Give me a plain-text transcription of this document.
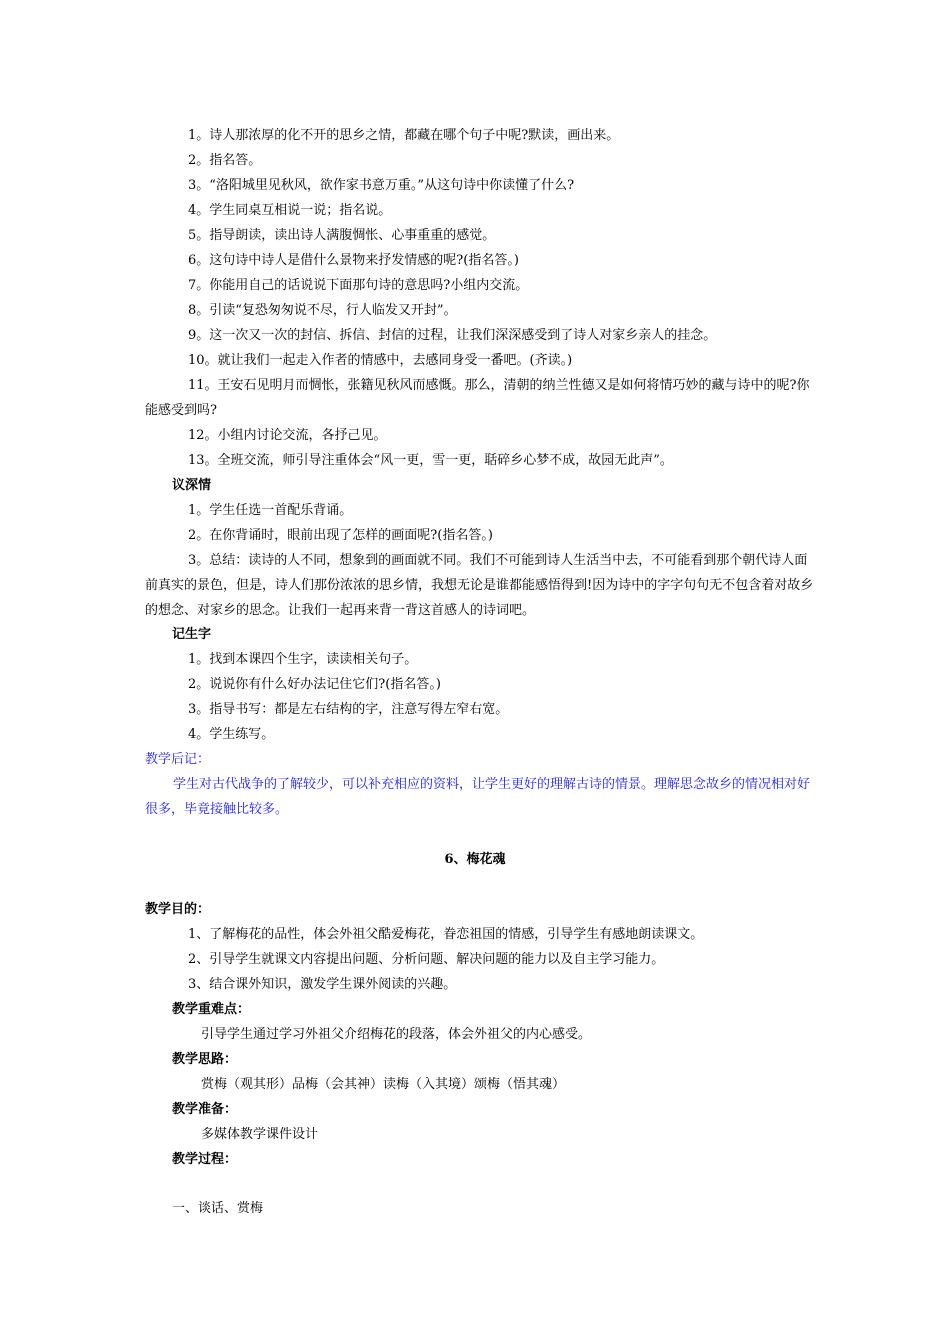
1。诗人那浓厚的化不开的思乡之情，都藏在哪个句子中呢?默读，画出来。
2。指名答。
3。“洛阳城里见秋风，欲作家书意万重。”从这句诗中你读懂了什么?
4。学生同桌互相说一说；指名说。
5。指导朗读，读出诗人满腹惆怅、心事重重的感觉。
6。这句诗中诗人是借什么景物来抒发情感的呢?(指名答。)
7。你能用自己的话说说下面那句诗的意思吗?小组内交流。
8。引读“复恐匆匆说不尽，行人临发又开封”。
9。这一次又一次的封信、拆信、封信的过程，让我们深深感受到了诗人对家乡亲人的挂念。
10。就让我们一起走入作者的情感中，去感同身受一番吧。(齐读。)
11。王安石见明月而惆怅，张籍见秋风而感慨。那么，清朝的纳兰性德又是如何将情巧妙的藏与诗中的呢?你能感受到吗?
12。小组内讨论交流，各抒己见。
13。全班交流，师引导注重体会“风一更，雪一更，聒碎乡心梦不成，故园无此声”。
议深情
1。学生任选一首配乐背诵。
2。在你背诵时，眼前出现了怎样的画面呢?(指名答。)
3。总结：读诗的人不同，想象到的画面就不同。我们不可能到诗人生活当中去，不可能看到那个朝代诗人面前真实的景色，但是，诗人们那份浓浓的思乡情，我想无论是谁都能感悟得到!因为诗中的字字句句无不包含着对故乡的想念、对家乡的思念。让我们一起再来背一背这首感人的诗词吧。
记生字
1。找到本课四个生字，读读相关句子。
2。说说你有什么好办法记住它们?(指名答。)
3。指导书写：都是左右结构的字，注意写得左窄右宽。
4。学生练写。
教学后记：
学生对古代战争的了解较少，可以补充相应的资料，让学生更好的理解古诗的情景。理解思念故乡的情况相对好很多，毕竟接触比较多。
6、梅花魂
教学目的：
1、了解梅花的品性，体会外祖父酷爱梅花，眷恋祖国的情感，引导学生有感地朗读课文。
2、引导学生就课文内容提出问题、分析问题、解决问题的能力以及自主学习能力。
3、结合课外知识，激发学生课外阅读的兴趣。
教学重难点：
引导学生通过学习外祖父介绍梅花的段落，体会外祖父的内心感受。
教学思路：
赏梅（观其形）品梅（会其神）读梅（入其境）颂梅（悟其魂）
教学准备：
多媒体教学课件设计
教学过程：
一、谈话、赏梅
